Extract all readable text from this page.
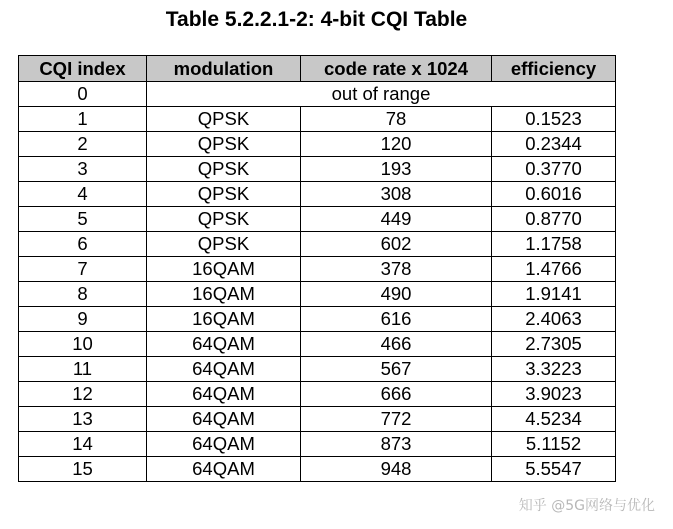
Table 5.2.2.1-2: 4-bit CQI Table
CQI index	modulation	code rate x 1024	efficiency
0	out of range		
1	QPSK	78	0.1523
2	QPSK	120	0.2344
3	QPSK	193	0.3770
4	QPSK	308	0.6016
5	QPSK	449	0.8770
6	QPSK	602	1.1758
7	16QAM	378	1.4766
8	16QAM	490	1.9141
9	16QAM	616	2.4063
10	64QAM	466	2.7305
11	64QAM	567	3.3223
12	64QAM	666	3.9023
13	64QAM	772	4.5234
14	64QAM	873	5.1152
15	64QAM	948	5.5547
知乎 @5G网络与优化
